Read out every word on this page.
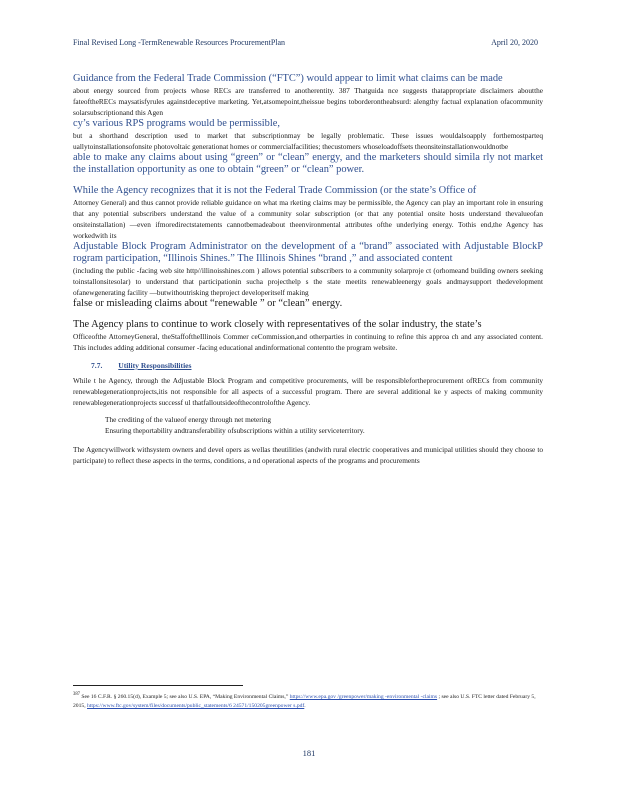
Final Revised Long -TermRenewable Resources ProcurementPlan	April 20, 2020

Guidance from the Federal Trade Commission (“FTC”) would appear to limit what claims can be made

about energy sourced from projects whose RECs are transferred to anotherentity. 387 Thatguida nce suggests thatappropriate disclaimers aboutthe fateoftheRECs maysatisfyrules againstdeceptive marketing. Yet,atsomepoint,theissue begins toborderontheabsurd: alengthy factual explanation ofacommunity solarsubscriptionand this Agen

cy’s various RPS programs would be permissible,

but a shorthand description used to market that subscriptionmay be legally problematic. These issues wouldalsoapply forthemostparteq uallytoinstallationsofonsite photovoltaic generationat homes or commercialfacilities; thecustomers whoseloadoffsets theonsiteinstallationwouldnotbe

able to make any claims about using “green” or “clean” energy, and the marketers should simila rly not market the installation opportunity as one to obtain “green” or “clean” power.

While the Agency recognizes that it is not the Federal Trade Commission (or the state’s Office of

Attorney General) and thus cannot provide reliable guidance on what ma rketing claims may be permissible, the Agency can play an important role in ensuring that any potential subscribers understand the value of a community solar subscription (or that any potential onsite hosts understand thevalueofan onsiteinstallation) —even ifmoredirectstatements cannotbemadeabout theenvironmental attributes ofthe underlying energy. Tothis end,the Agency has workedwith its

Adjustable Block Program Administrator on the development of a “brand” associated with Adjustable BlockP rogram participation, “Illinois Shines.” The Illinois Shines “brand ,” and associated content

(including the public -facing web site http//illinoisshines.com ) allows potential subscribers to a community solarproje ct (orhomeand building owners seeking toinstallonsitesolar) to understand that participationin sucha projecthelp s the state meetits renewableenergy goals andmaysupport thedevelopment ofanewgenerating facility —butwithoutrisking theproject developeritself making

false or misleading claims about “renewable ” or “clean” energy.

The Agency plans to continue to work closely with representatives of the solar industry, the state’s

Officeofthe AttorneyGeneral, theStaffoftheIllinois Commer ceCommission,and otherparties in continuing to refine this approa ch and any associated content. This includes adding additional consumer -facing educational andinformational contentto the program website.

7.7. Utility Responsibilities

While t he Agency, through the Adjustable Block Program and competitive procurements, will be responsiblefortheprocurement ofRECs from community renewablegenerationprojects,itis not responsible for all aspects of a successful program. There are several additional ke y aspects of making community renewablegenerationprojects successf ul thatfalloutsideofthecontrolofthe Agency.

The crediting of the valueof energy through net metering
Ensuring theportability andtransferability ofsubscriptions within a utility serviceterritory.

The Agencywillwork withsystem owners and devel opers as wellas theutilities (andwith rural electric cooperatives and municipal utilities should they choose to participate) to reflect these aspects in the terms, conditions, a nd operational aspects of the programs and procurements

$^{387}$ See 16 C.F.R. § 260.15(d), Example 5; see also U.S. EPA, “Making Environmental Claims,” https://www.epa.gov /greenpower/making -environmental -claims ; see also U.S. FTC letter dated February 5, 2015, https://www.ftc.gov/system/files/documents/public_statements/6 24571/150205greenpower s.pdf.
181
